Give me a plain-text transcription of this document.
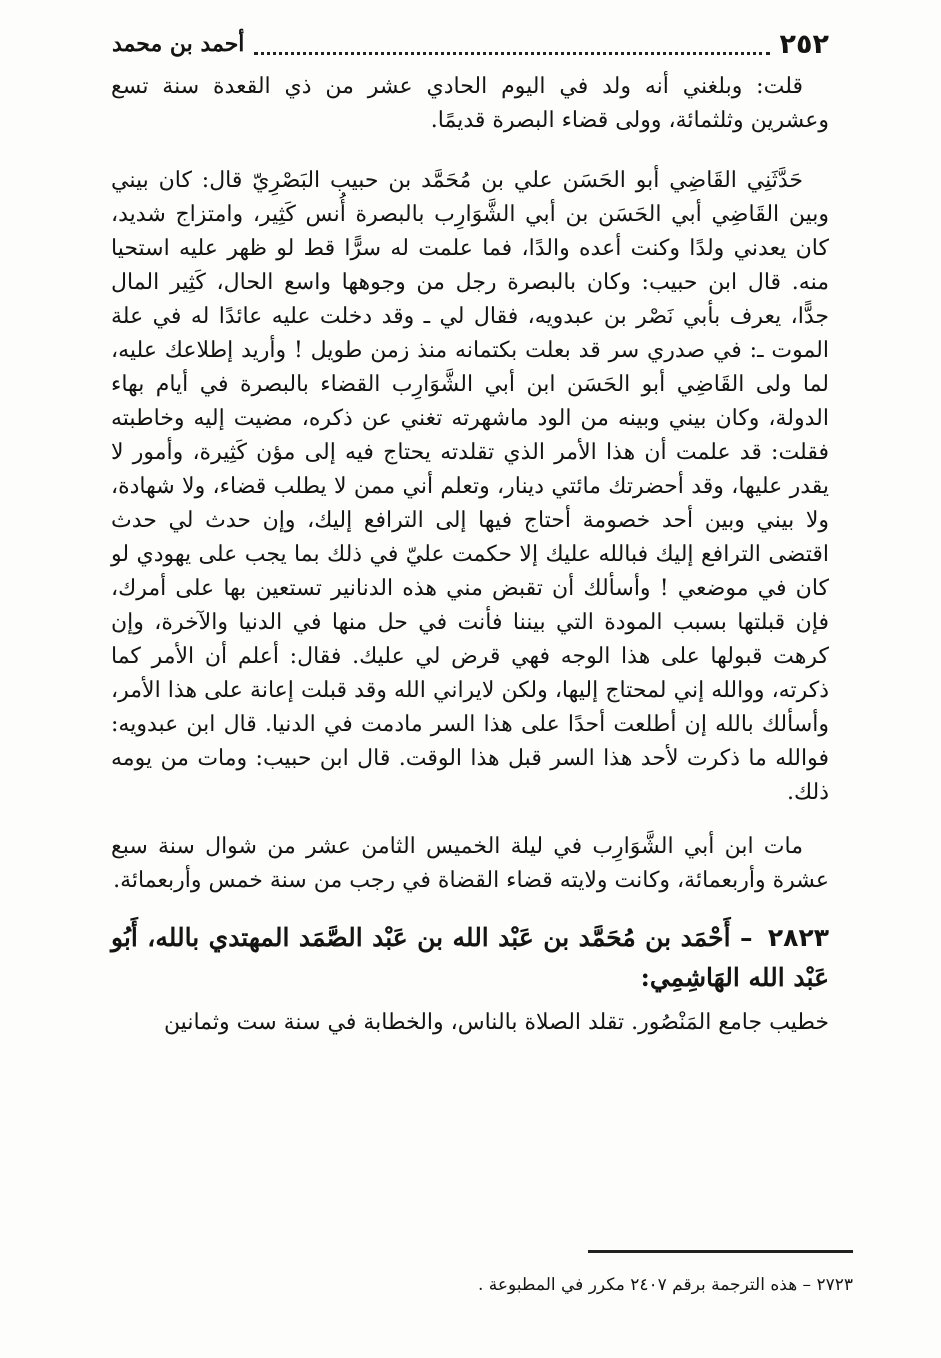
٢٥٢
أحمد بن محمد

قلت: وبلغني أنه ولد في اليوم الحادي عشر من ذي القعدة سنة تسع وعشرين وثلثمائة، وولى قضاء البصرة قديمًا.

حَدَّثَنِي القَاضِي أبو الحَسَن علي بن مُحَمَّد بن حبيب البَصْرِيّ قال: كان بيني وبين القَاضِي أبي الحَسَن بن أبي الشَّوَارِب بالبصرة أُنس كَثِير، وامتزاج شديد، كان يعدني ولدًا وكنت أعده والدًا، فما علمت له سرًّا قط لو ظهر عليه استحيا منه. قال ابن حبيب: وكان بالبصرة رجل من وجوهها واسع الحال، كَثِير المال جدًّا، يعرف بأبي نَصْر بن عبدويه، فقال لي ـ وقد دخلت عليه عائدًا له في علة الموت ـ: في صدري سر قد بعلت بكتمانه منذ زمن طويل ! وأريد إطلاعك عليه، لما ولى القَاضِي أبو الحَسَن ابن أبي الشَّوَارِب القضاء بالبصرة في أيام بهاء الدولة، وكان بيني وبينه من الود ماشهرته تغني عن ذكره، مضيت إليه وخاطبته فقلت: قد علمت أن هذا الأمر الذي تقلدته يحتاج فيه إلى مؤن كَثِيرة، وأمور لا يقدر عليها، وقد أحضرتك مائتي دينار، وتعلم أني ممن لا يطلب قضاء، ولا شهادة، ولا بيني وبين أحد خصومة أحتاج فيها إلى الترافع إليك، وإن حدث لي حدث اقتضى الترافع إليك فبالله عليك إلا حكمت عليّ في ذلك بما يجب على يهودي لو كان في موضعي ! وأسألك أن تقبض مني هذه الدنانير تستعين بها على أمرك، فإن قبلتها بسبب المودة التي بيننا فأنت في حل منها في الدنيا والآخرة، وإن كرهت قبولها على هذا الوجه فهي قرض لي عليك. فقال: أعلم أن الأمر كما ذكرته، ووالله إني لمحتاج إليها، ولكن لايراني الله وقد قبلت إعانة على هذا الأمر، وأسألك بالله إن أطلعت أحدًا على هذا السر مادمت في الدنيا. قال ابن عبدويه: فوالله ما ذكرت لأحد هذا السر قبل هذا الوقت. قال ابن حبيب: ومات من يومه ذلك.

مات ابن أبي الشَّوَارِب في ليلة الخميس الثامن عشر من شوال سنة سبع عشرة وأربعمائة، وكانت ولايته قضاء القضاة في رجب من سنة خمس وأربعمائة.

٢٨٢٣ – أَحْمَد بن مُحَمَّد بن عَبْد الله بن عَبْد الصَّمَد المهتدي بالله، أَبُو عَبْد الله الهَاشِمِي:

خطيب جامع المَنْصُور. تقلد الصلاة بالناس، والخطابة في سنة ست وثمانين

٢٧٢٣ – هذه الترجمة برقم ٢٤٠٧ مكرر في المطبوعة .
